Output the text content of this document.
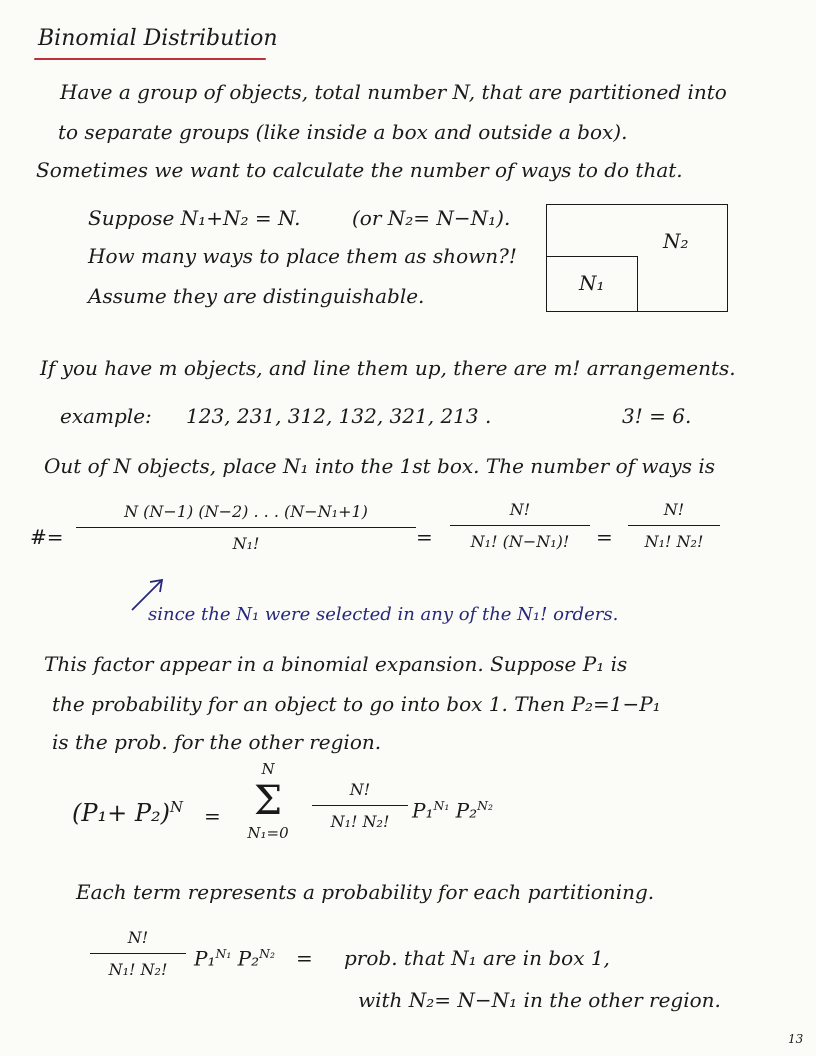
Binomial Distribution
Have a group of objects, total number N, that are partitioned into
to separate groups (like inside a box and outside a box).
Sometimes we want to calculate the number of ways to do that.
Suppose N₁+N₂ = N.	(or N₂= N−N₁).
How many ways to place them as shown?!
Assume they are distinguishable.
N₂
N₁
If you have m objects, and line them up, there are m! arrangements.
example: 123, 231, 312, 132, 321, 213 .	3! = 6.
Out of N objects, place N₁ into the 1st box. The number of ways is
#=
N (N−1) (N−2) . . . (N−N₁+1)
N₁!	=
N!
N₁! (N−N₁)! =
N!
N₁! N₂!
since the N₁ were selected in any of the N₁! orders.
This factor appear in a binomial expansion. Suppose P₁ is
the probability for an object to go into box 1. Then P₂=1−P₁
is the prob. for the other region.
$(P_1+ P_2)^N$ =
N
Σ
N₁=0
N!
N₁! N₂! P₁$^{N_1}$ P₂$^{N_2}$
Each term represents a probability for each partitioning.
N!
N₁! N₂! P₁$^{N_1}$ P₂$^{N_2}$ = prob. that N₁ are in box 1,
with N₂= N−N₁ in the other region.
13
